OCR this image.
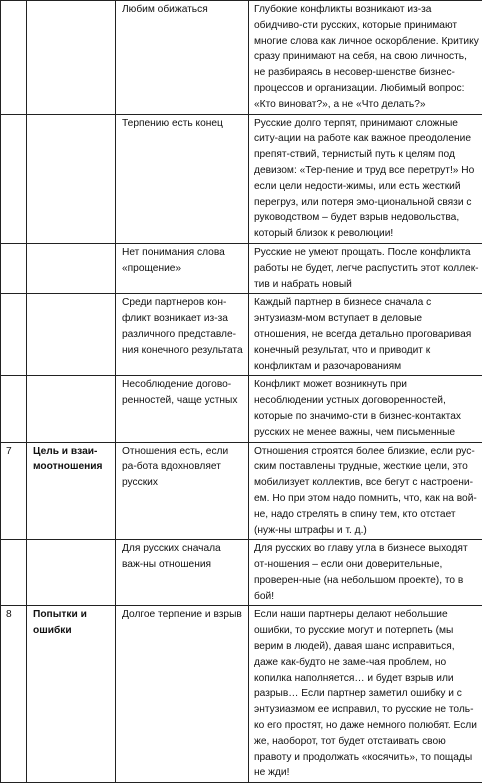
		Любим обижаться	Глубокие конфликты возникают из-за обидчиво-сти русских, которые принимают многие слова как личное оскорбление. Критику сразу принимают на себя, на свою личность, не разбираясь в несовер-шенстве бизнес-процессов и организации. Любимый вопрос: «Кто виноват?», а не «Что делать?»
		Терпению есть конец	Русские долго терпят, принимают сложные ситу-ации на работе как важное преодоление препят-ствий, тернистый путь к целям под девизом: «Тер-пение и труд все перетрут!» Но если цели недости-жимы, или есть жесткий перегруз, или потеря эмо-циональной связи с руководством – будет взрыв недовольства, который близок к революции!
		Нет понимания слова «прощение»	Русские не умеют прощать. После конфликта работы не будет, легче распустить этот коллек-тив и набрать новый
		Среди партнеров кон-фликт возникает из-за различного представле-ния конечного результата	Каждый партнер в бизнесе сначала с энтузиазм-мом вступает в деловые отношения, не всегда детально проговаривая конечный результат, что и приводит к конфликтам и разочарованиям
		Несоблюдение догово-ренностей, чаще устных	Конфликт может возникнуть при несоблюдении устных договоренностей, которые по значимо-сти в бизнес-контактах русских не менее важны, чем письменные
7	Цель и взаи-моотношения	Отношения есть, если ра-бота вдохновляет русских	Отношения строятся более близкие, если рус-ским поставлены трудные, жесткие цели, это мобилизует коллектив, все бегут с настроени-ем. Но при этом надо помнить, что, как на вой-не, надо стрелять в спину тем, кто отстает (нуж-ны штрафы и т. д.)
		Для русских сначала важ-ны отношения	Для русских во главу угла в бизнесе выходят от-ношения – если они доверительные, проверен-ные (на небольшом проекте), то в бой!
8	Попытки и ошибки	Долгое терпение и взрыв	Если наши партнеры делают небольшие ошибки, то русские могут и потерпеть (мы верим в людей), давая шанс исправиться, даже как-будто не заме-чая проблем, но копилка наполняется… и будет взрыв или разрыв… Если партнер заметил ошибку и с энтузиазмом ее исправил, то русские не толь-ко его простят, но даже немного полюбят. Если же, наоборот, тот будет отстаивать свою правоту и продолжать «косячить», то пощады не жди!
